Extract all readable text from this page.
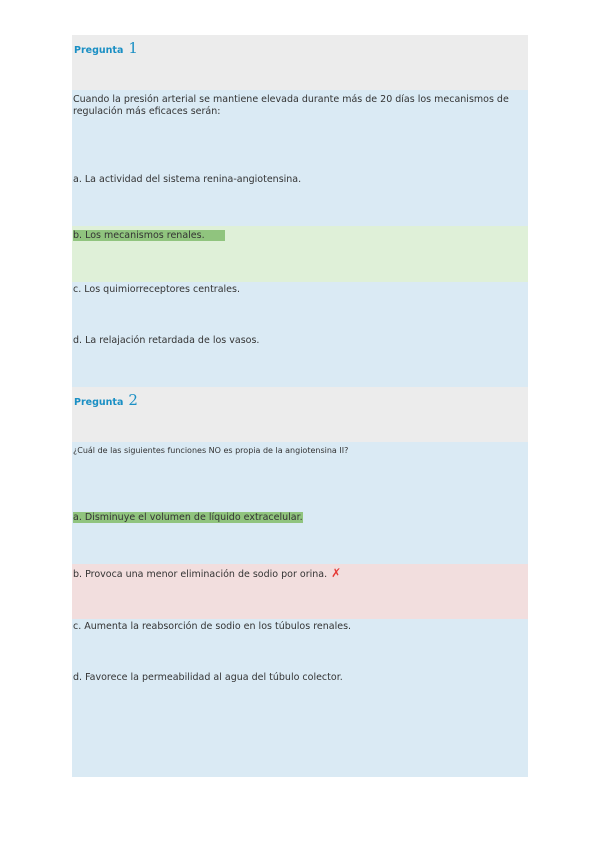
Pregunta 1
Cuando la presión arterial se mantiene elevada durante más de 20 días los mecanismos de regulación más eficaces serán:
a. La actividad del sistema renina-angiotensina.
b. Los mecanismos renales.
c. Los quimiorreceptores centrales.
d. La relajación retardada de los vasos.
Pregunta 2
¿Cuál de las siguientes funciones NO es propia de la angiotensina II?
a. Disminuye el volumen de líquido extracelular.
b. Provoca una menor eliminación de sodio por orina. ✗
c. Aumenta la reabsorción de sodio en los túbulos renales.
d. Favorece la permeabilidad al agua del túbulo colector.
